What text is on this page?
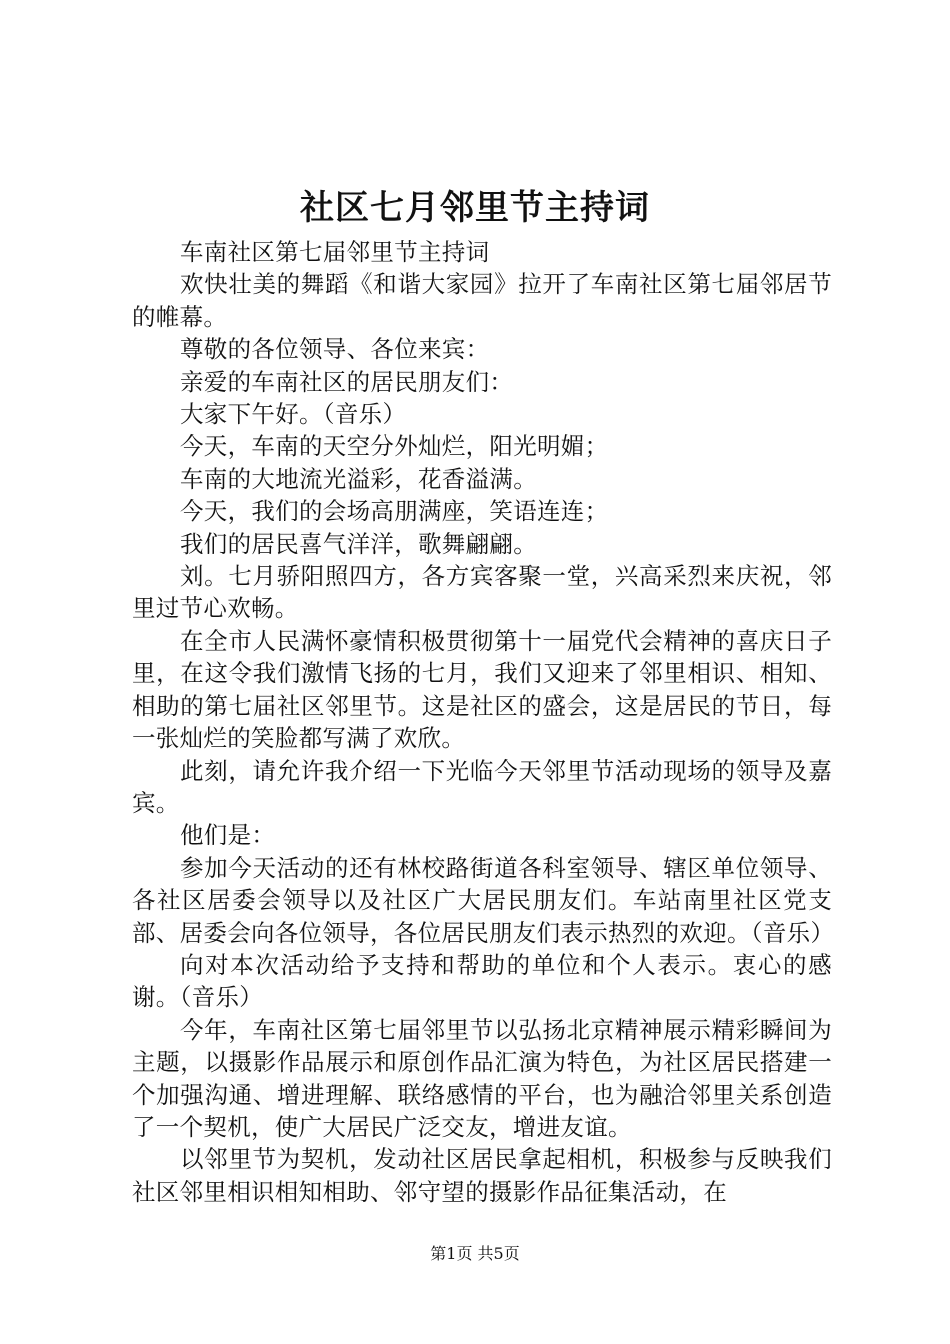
社区七月邻里节主持词

车南社区第七届邻里节主持词

欢快壮美的舞蹈《和谐大家园》拉开了车南社区第七届邻居节的帷幕。

尊敬的各位领导、各位来宾：

亲爱的车南社区的居民朋友们：

大家下午好。（音乐）

今天，车南的天空分外灿烂，阳光明媚；

车南的大地流光溢彩，花香溢满。

今天，我们的会场高朋满座，笑语连连；

我们的居民喜气洋洋，歌舞翩翩。

刘。七月骄阳照四方，各方宾客聚一堂，兴高采烈来庆祝，邻里过节心欢畅。

在全市人民满怀豪情积极贯彻第十一届党代会精神的喜庆日子里，在这令我们激情飞扬的七月，我们又迎来了邻里相识、相知、相助的第七届社区邻里节。这是社区的盛会，这是居民的节日，每一张灿烂的笑脸都写满了欢欣。

此刻，请允许我介绍一下光临今天邻里节活动现场的领导及嘉宾。

他们是：

参加今天活动的还有林校路街道各科室领导、辖区单位领导、各社区居委会领导以及社区广大居民朋友们。车站南里社区党支部、居委会向各位领导，各位居民朋友们表示热烈的欢迎。（音乐）

向对本次活动给予支持和帮助的单位和个人表示。衷心的感谢。（音乐）

今年，车南社区第七届邻里节以弘扬北京精神展示精彩瞬间为主题，以摄影作品展示和原创作品汇演为特色，为社区居民搭建一个加强沟通、增进理解、联络感情的平台，也为融洽邻里关系创造了一个契机，使广大居民广泛交友，增进友谊。

以邻里节为契机，发动社区居民拿起相机，积极参与反映我们社区邻里相识相知相助、邻守望的摄影作品征集活动，在

第1页 共5页
